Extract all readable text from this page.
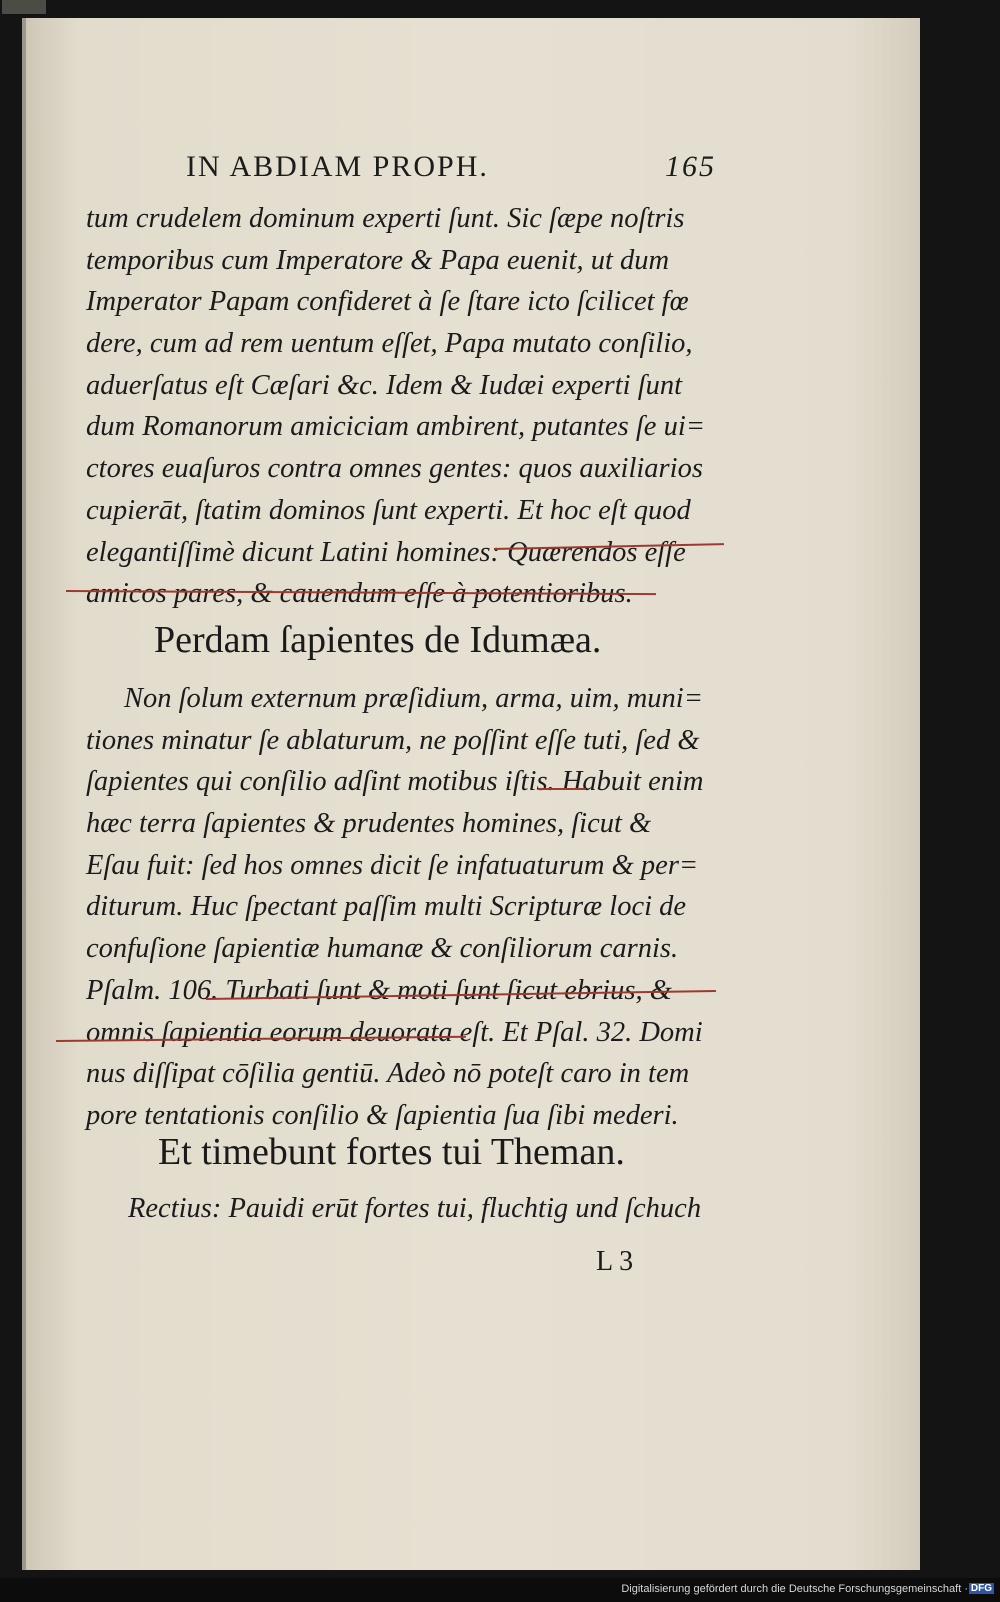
IN ABDIAM PROPH.	165
tum crudelem dominum experti ſunt. Sic ſæpe noſtris
temporibus cum Imperatore & Papa euenit, ut dum
Imperator Papam confideret à ſe ſtare icto ſcilicet fœ
dere, cum ad rem uentum eſſet, Papa mutato conſilio,
aduerſatus eſt Cæſari &c. Idem & Iudæi experti ſunt
dum Romanorum amiciciam ambirent, putantes ſe ui=
ctores euaſuros contra omnes gentes: quos auxiliarios
cupierāt, ſtatim dominos ſunt experti. Et hoc eſt quod
elegantiſſimè dicunt Latini homines: Quærendos eſſe
amicos pares, & cauendum eſſe à potentioribus.
Perdam ſapientes de Idumæa.
Non ſolum externum præſidium, arma, uim, muni=
tiones minatur ſe ablaturum, ne poſſint eſſe tuti, ſed &
ſapientes qui conſilio adſint motibus iſtis. Habuit enim
hæc terra ſapientes & prudentes homines, ſicut &
Eſau fuit: ſed hos omnes dicit ſe infatuaturum & per=
diturum. Huc ſpectant paſſim multi Scripturæ loci de
confuſione ſapientiæ humanæ & conſiliorum carnis.
Pſalm. 106. Turbati ſunt & moti ſunt ſicut ebrius, &
omnis ſapientia eorum deuorata eſt. Et Pſal. 32. Domi
nus diſſipat cōſilia gentiū. Adeò nō poteſt caro in tem
pore tentationis conſilio & ſapientia ſua ſibi mederi.
Et timebunt fortes tui Theman.
Rectius: Pauidi erūt fortes tui, fluchtig und ſchuch
L 3
Digitalisierung gefördert durch die Deutsche Forschungsgemeinschaft · DFG
